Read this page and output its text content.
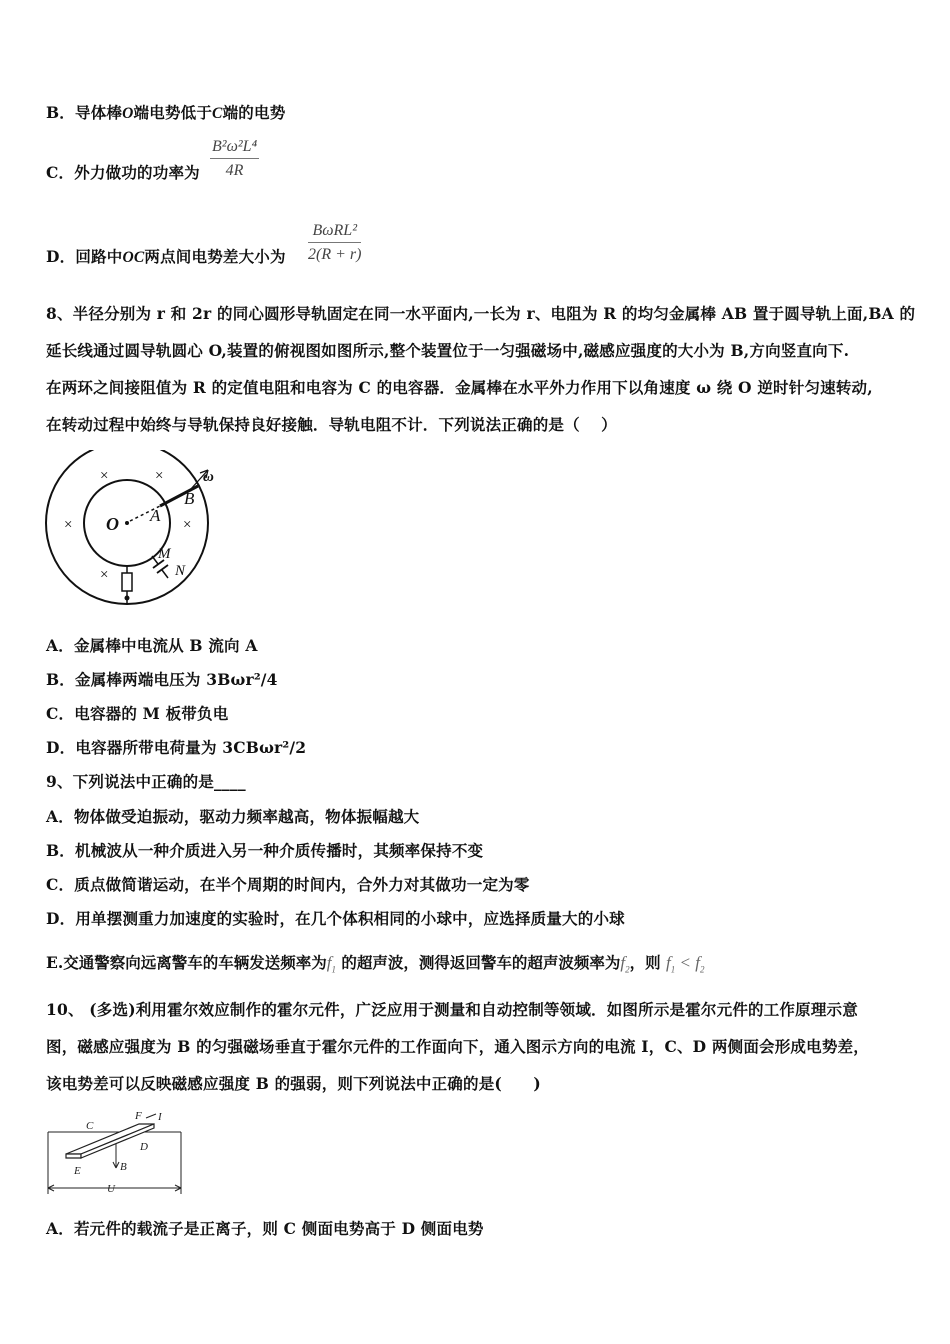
B．导体棒O端电势低于C端的电势
C．外力做功的功率为 $\frac{\text{B²ω²L⁴}}{4R}$
D．回路中OC两点间电势差大小为
BωRL²
2(R + r)
8、半径分别为 r 和 2r 的同心圆形导轨固定在同一水平面内,一长为 r、电阻为 R 的均匀金属棒 AB 置于圆导轨上面,BA 的
延长线通过圆导轨圆心 O,装置的俯视图如图所示,整个装置位于一匀强磁场中,磁感应强度的大小为 B,方向竖直向下.
在两环之间接阻值为 R 的定值电阻和电容为 C 的电容器．金属棒在水平外力作用下以角速度 ω 绕 O 逆时针匀速转动,
在转动过程中始终与导轨保持良好接触．导轨电阻不计．下列说法正确的是（　 ）
×	×
×	×
×
O A
B
ω
M
N
A．金属棒中电流从 B 流向 A
B．金属棒两端电压为 3Bωr²/4
C．电容器的 M 板带负电
D．电容器所带电荷量为 3CBωr²/2
9、下列说法中正确的是____
A．物体做受迫振动，驱动力频率越高，物体振幅越大
B．机械波从一种介质进入另一种介质传播时，其频率保持不变
C．质点做简谐运动，在半个周期的时间内，合外力对其做功一定为零
D．用单摆测重力加速度的实验时，在几个体积相同的小球中，应选择质量大的小球
E.交通警察向远离警车的车辆发送频率为$f_1$ 的超声波，测得返回警车的超声波频率为$f_2$，则 $f_1 < f_2$
10、 (多选)利用霍尔效应制作的霍尔元件，广泛应用于测量和自动控制等领域．如图所示是霍尔元件的工作原理示意
图，磁感应强度为 B 的匀强磁场垂直于霍尔元件的工作面向下，通入图示方向的电流 I，C、D 两侧面会形成电势差，
该电势差可以反映磁感应强度 B 的强弱，则下列说法中正确的是(　　)
C
F I
D
E	B
U
A．若元件的载流子是正离子，则 C 侧面电势高于 D 侧面电势
